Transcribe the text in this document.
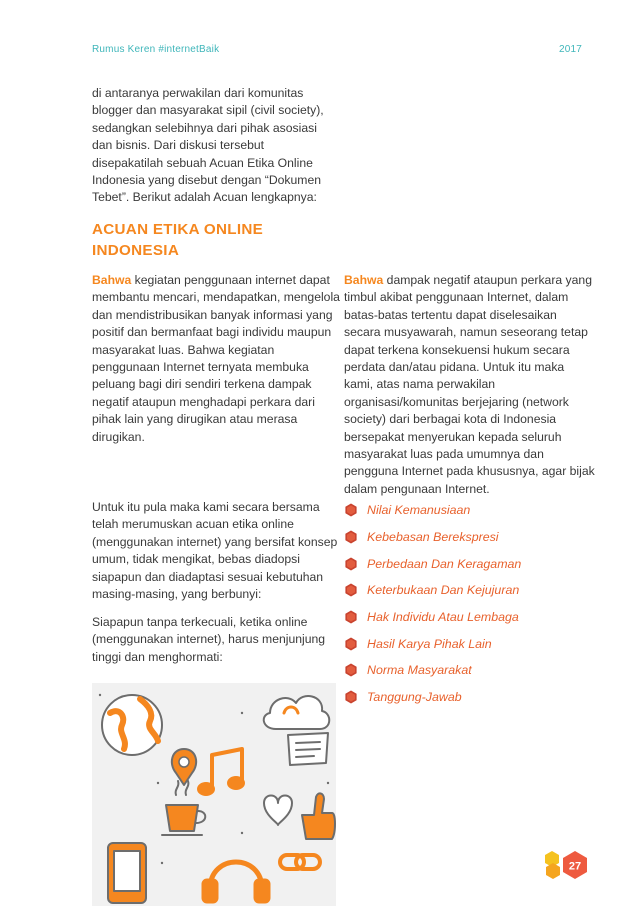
Rumus Keren #internetBaik	2017
di antaranya perwakilan dari komunitas blogger dan masyarakat sipil (civil society), sedangkan selebihnya dari pihak asosiasi dan bisnis. Dari diskusi tersebut disepakatilah sebuah Acuan Etika Online Indonesia yang disebut dengan “Dokumen Tebet”. Berikut adalah Acuan lengkapnya:
ACUAN ETIKA ONLINE INDONESIA
Bahwa kegiatan penggunaan internet dapat membantu mencari, mendapatkan, mengelola dan mendistribusikan banyak informasi yang positif dan bermanfaat bagi individu maupun masyarakat luas. Bahwa kegiatan penggunaan Internet ternyata membuka peluang bagi diri sendiri terkena dampak negatif ataupun menghadapi perkara dari pihak lain yang dirugikan atau merasa dirugikan.
Bahwa dampak negatif ataupun perkara yang timbul akibat penggunaan Internet, dalam batas-batas tertentu dapat diselesaikan secara musyawarah, namun seseorang tetap dapat terkena konsekuensi hukum secara perdata dan/atau pidana. Untuk itu maka kami, atas nama perwakilan organisasi/komunitas berjejaring (network society) dari berbagai kota di Indonesia bersepakat menyerukan kepada seluruh masyarakat luas pada umumnya dan pengguna Internet pada khususnya, agar bijak dalam pengunaan Internet.
Untuk itu pula maka kami secara bersama telah merumuskan acuan etika online (menggunakan internet) yang bersifat konsep umum, tidak mengikat, bebas diadopsi siapapun dan diadaptasi sesuai kebutuhan masing-masing, yang berbunyi:
Siapapun tanpa terkecuali, ketika online (menggunakan internet), harus menjunjung tinggi dan menghormati:
Nilai Kemanusiaan
Kebebasan Berekspresi
Perbedaan Dan Keragaman
Keterbukaan Dan Kejujuran
Hak Individu Atau Lembaga
Hasil Karya Pihak Lain
Norma Masyarakat
Tanggung-Jawab
27
